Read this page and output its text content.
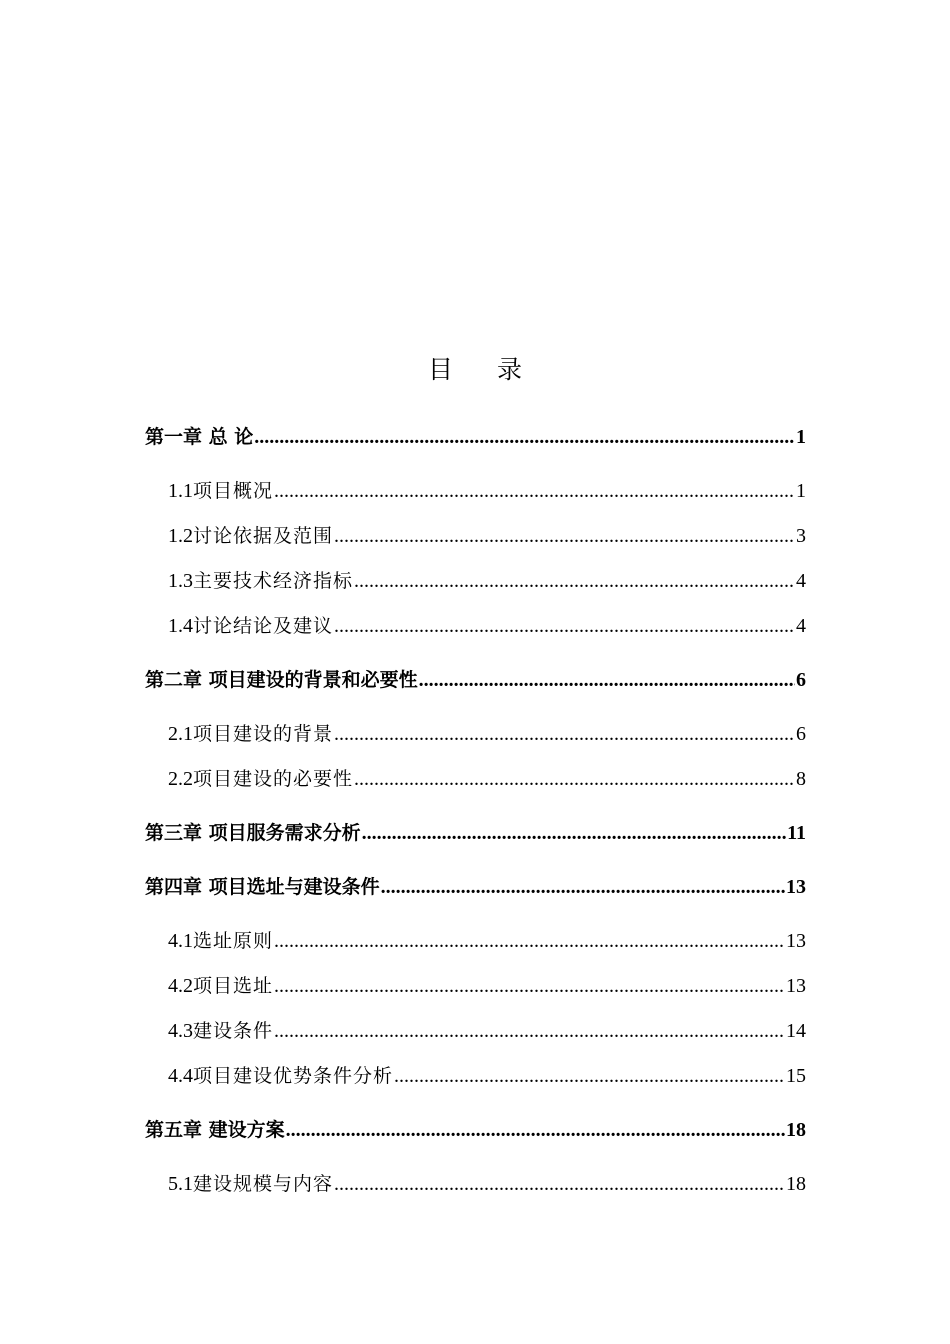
目 录
第一章 总 论 .....	1
1.1项目概况 .....	1
1.2讨论依据及范围 .....	3
1.3主要技术经济指标 .....	4
1.4讨论结论及建议 .....	4
第二章 项目建设的背景和必要性 .....	6
2.1项目建设的背景 .....	6
2.2项目建设的必要性 .....	8
第三章 项目服务需求分析 .....	11
第四章 项目选址与建设条件 .....	13
4.1选址原则 .....	13
4.2项目选址 .....	13
4.3建设条件 .....	14
4.4项目建设优势条件分析 .....	15
第五章 建设方案 .....	18
5.1建设规模与内容 .....	18
